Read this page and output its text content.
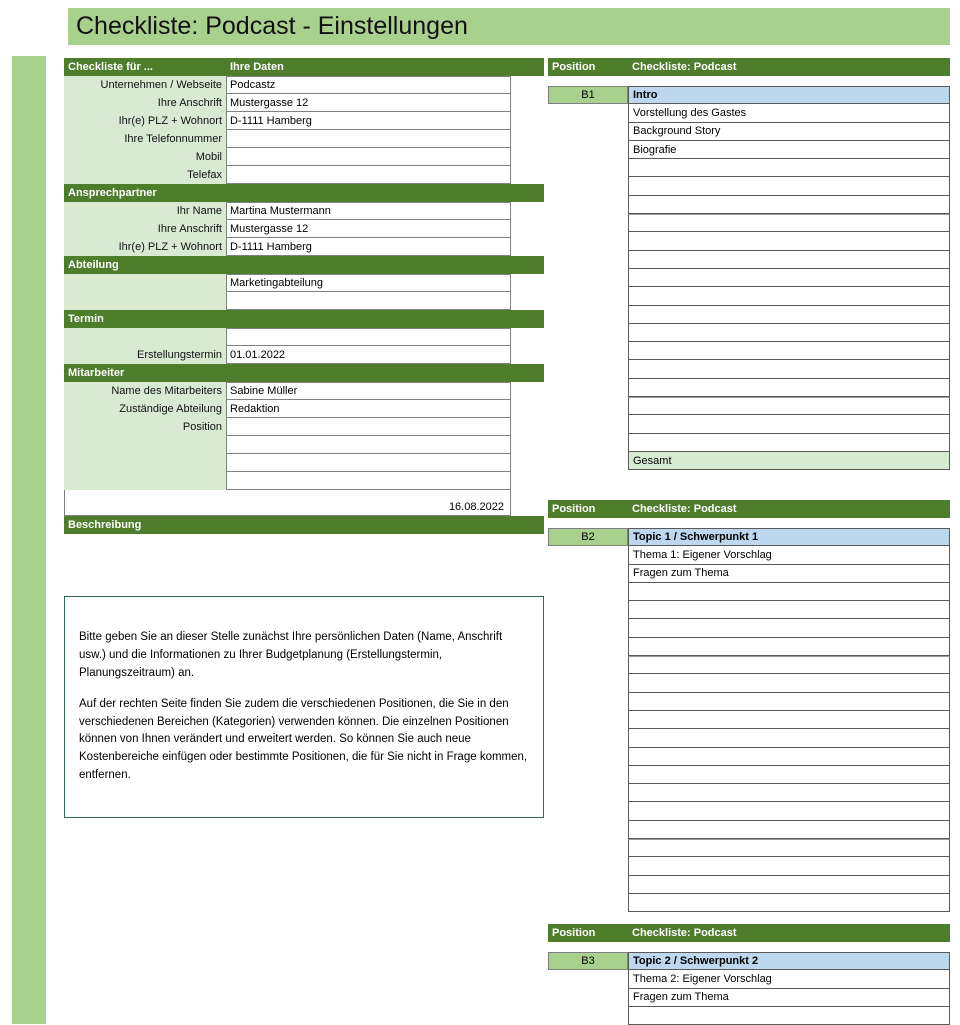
Checkliste: Podcast - Einstellungen
Checkliste für ...	Ihre Daten
Unternehmen / Webseite Podcastz
Ihre Anschrift Mustergasse 12
Ihr(e) PLZ + Wohnort D-1111 Hamberg
Ihre Telefonnummer
Mobil
Telefax
Ansprechpartner
Ihr Name Martina Mustermann
Ihre Anschrift Mustergasse 12
Ihr(e) PLZ + Wohnort D-1111 Hamberg
Abteilung
Marketingabteilung
Termin
Erstellungstermin 01.01.2022
Mitarbeiter
Name des Mitarbeiters Sabine Müller
Zuständige Abteilung Redaktion
Position
16.08.2022
Beschreibung

Bitte geben Sie an dieser Stelle zunächst Ihre persönlichen Daten (Name, Anschrift usw.) und die Informationen zu Ihrer Budgetplanung (Erstellungstermin, Planungszeitraum) an.

Auf der rechten Seite finden Sie zudem die verschiedenen Positionen, die Sie in den verschiedenen Bereichen (Kategorien) verwenden können. Die einzelnen Positionen können von Ihnen verändert und erweitert werden. So können Sie auch neue Kostenbereiche einfügen oder bestimmte Positionen, die für Sie nicht in Frage kommen, entfernen.

Position	Checkliste: Podcast
B1	Intro
Vorstellung des Gastes
Background Story
Biografie
Gesamt
Position	Checkliste: Podcast
B2	Topic 1 / Schwerpunkt 1
Thema 1: Eigener Vorschlag
Fragen zum Thema
Position	Checkliste: Podcast
B3	Topic 2 / Schwerpunkt 2
Thema 2: Eigener Vorschlag
Fragen zum Thema
